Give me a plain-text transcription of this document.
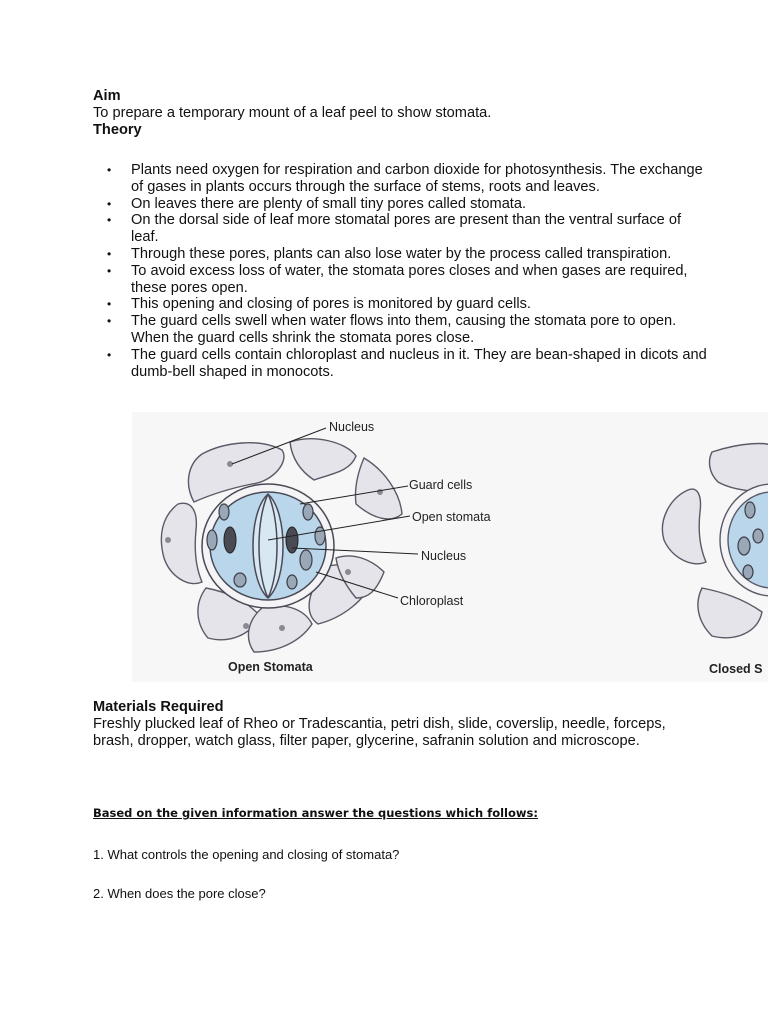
Aim
To prepare a temporary mount of a leaf peel to show stomata.
Theory
• Plants need oxygen for respiration and carbon dioxide for photosynthesis. The exchange of gases in plants occurs through the surface of stems, roots and leaves.
• On leaves there are plenty of small tiny pores called stomata.
• On the dorsal side of leaf more stomatal pores are present than the ventral surface of leaf.
• Through these pores, plants can also lose water by the process called transpiration.
• To avoid excess loss of water, the stomata pores closes and when gases are required, these pores open.
• This opening and closing of pores is monitored by guard cells.
• The guard cells swell when water flows into them, causing the stomata pore to open. When the guard cells shrink the stomata pores close.
• The guard cells contain chloroplast and nucleus in it. They are bean-shaped in dicots and dumb-bell shaped in monocots.
Nucleus
Guard cells
Open stomata
Nucleus
Chloroplast
Open Stomata	Closed S
Materials Required
Freshly plucked leaf of Rheo or Tradescantia, petri dish, slide, coverslip, needle, forceps, brash, dropper, watch glass, filter paper, glycerine, safranin solution and microscope.
Based on the given information answer the questions which follows:
1. What controls the opening and closing of stomata?
2. When does the pore close?
